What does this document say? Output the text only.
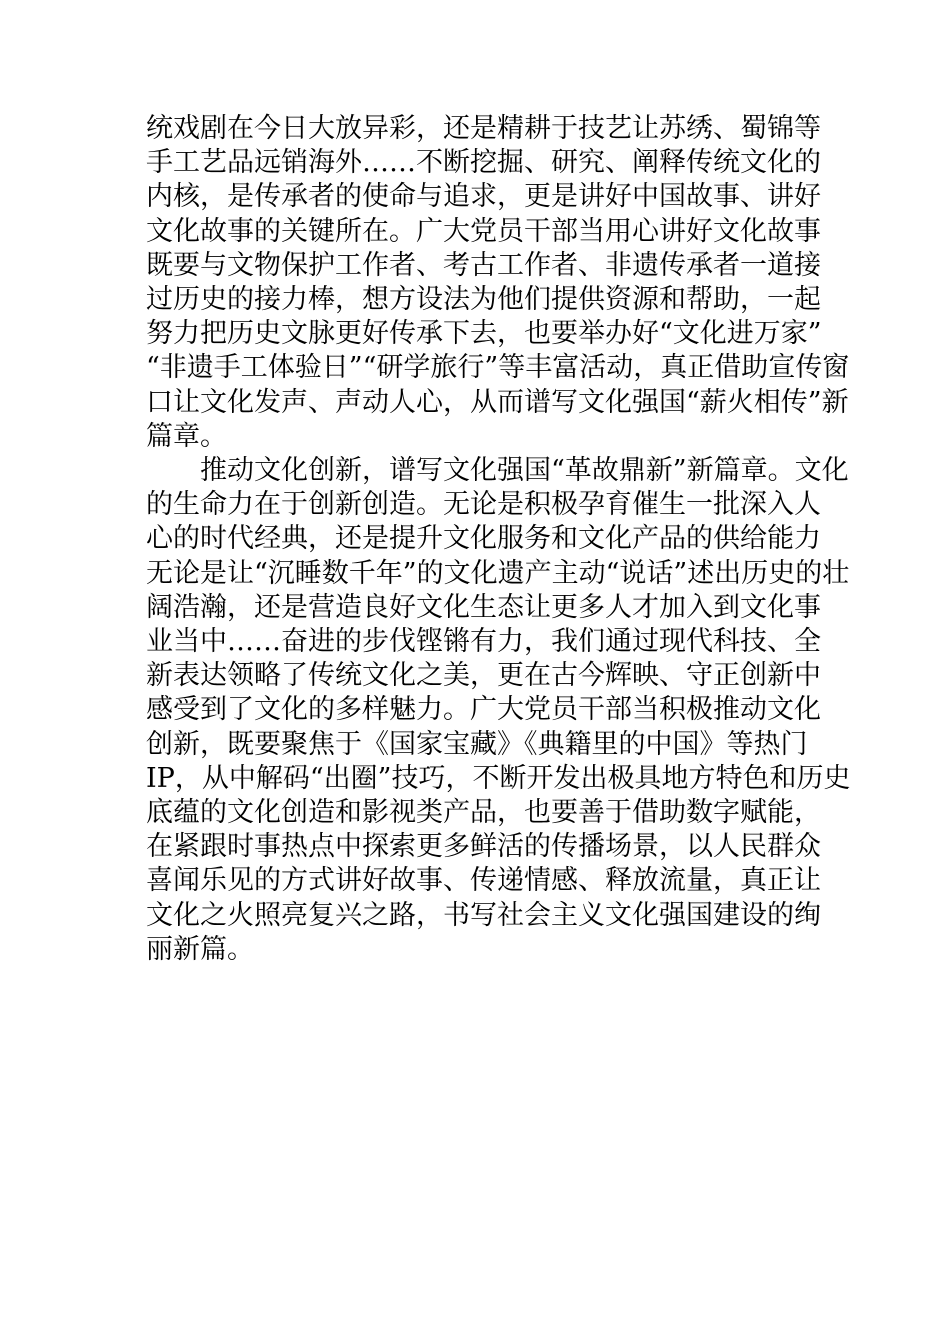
统戏剧在今日大放异彩，还是精耕于技艺让苏绣、蜀锦等
手工艺品远销海外……不断挖掘、研究、阐释传统文化的
内核，是传承者的使命与追求，更是讲好中国故事、讲好
文化故事的关键所在。广大党员干部当用心讲好文化故事
既要与文物保护工作者、考古工作者、非遗传承者一道接
过历史的接力棒，想方设法为他们提供资源和帮助，一起
努力把历史文脉更好传承下去，也要举办好“文化进万家”
“非遗手工体验日”“研学旅行”等丰富活动，真正借助宣传窗
口让文化发声、声动人心，从而谱写文化强国“薪火相传”新
篇章。
推动文化创新，谱写文化强国“革故鼎新”新篇章。文化
的生命力在于创新创造。无论是积极孕育催生一批深入人
心的时代经典，还是提升文化服务和文化产品的供给能力
无论是让“沉睡数千年”的文化遗产主动“说话”述出历史的壮
阔浩瀚，还是营造良好文化生态让更多人才加入到文化事
业当中……奋进的步伐铿锵有力，我们通过现代科技、全
新表达领略了传统文化之美，更在古今辉映、守正创新中
感受到了文化的多样魅力。广大党员干部当积极推动文化
创新，既要聚焦于《国家宝藏》《典籍里的中国》等热门
IP，从中解码“出圈”技巧，不断开发出极具地方特色和历史
底蕴的文化创造和影视类产品，也要善于借助数字赋能，
在紧跟时事热点中探索更多鲜活的传播场景，以人民群众
喜闻乐见的方式讲好故事、传递情感、释放流量，真正让
文化之火照亮复兴之路，书写社会主义文化强国建设的绚
丽新篇。
